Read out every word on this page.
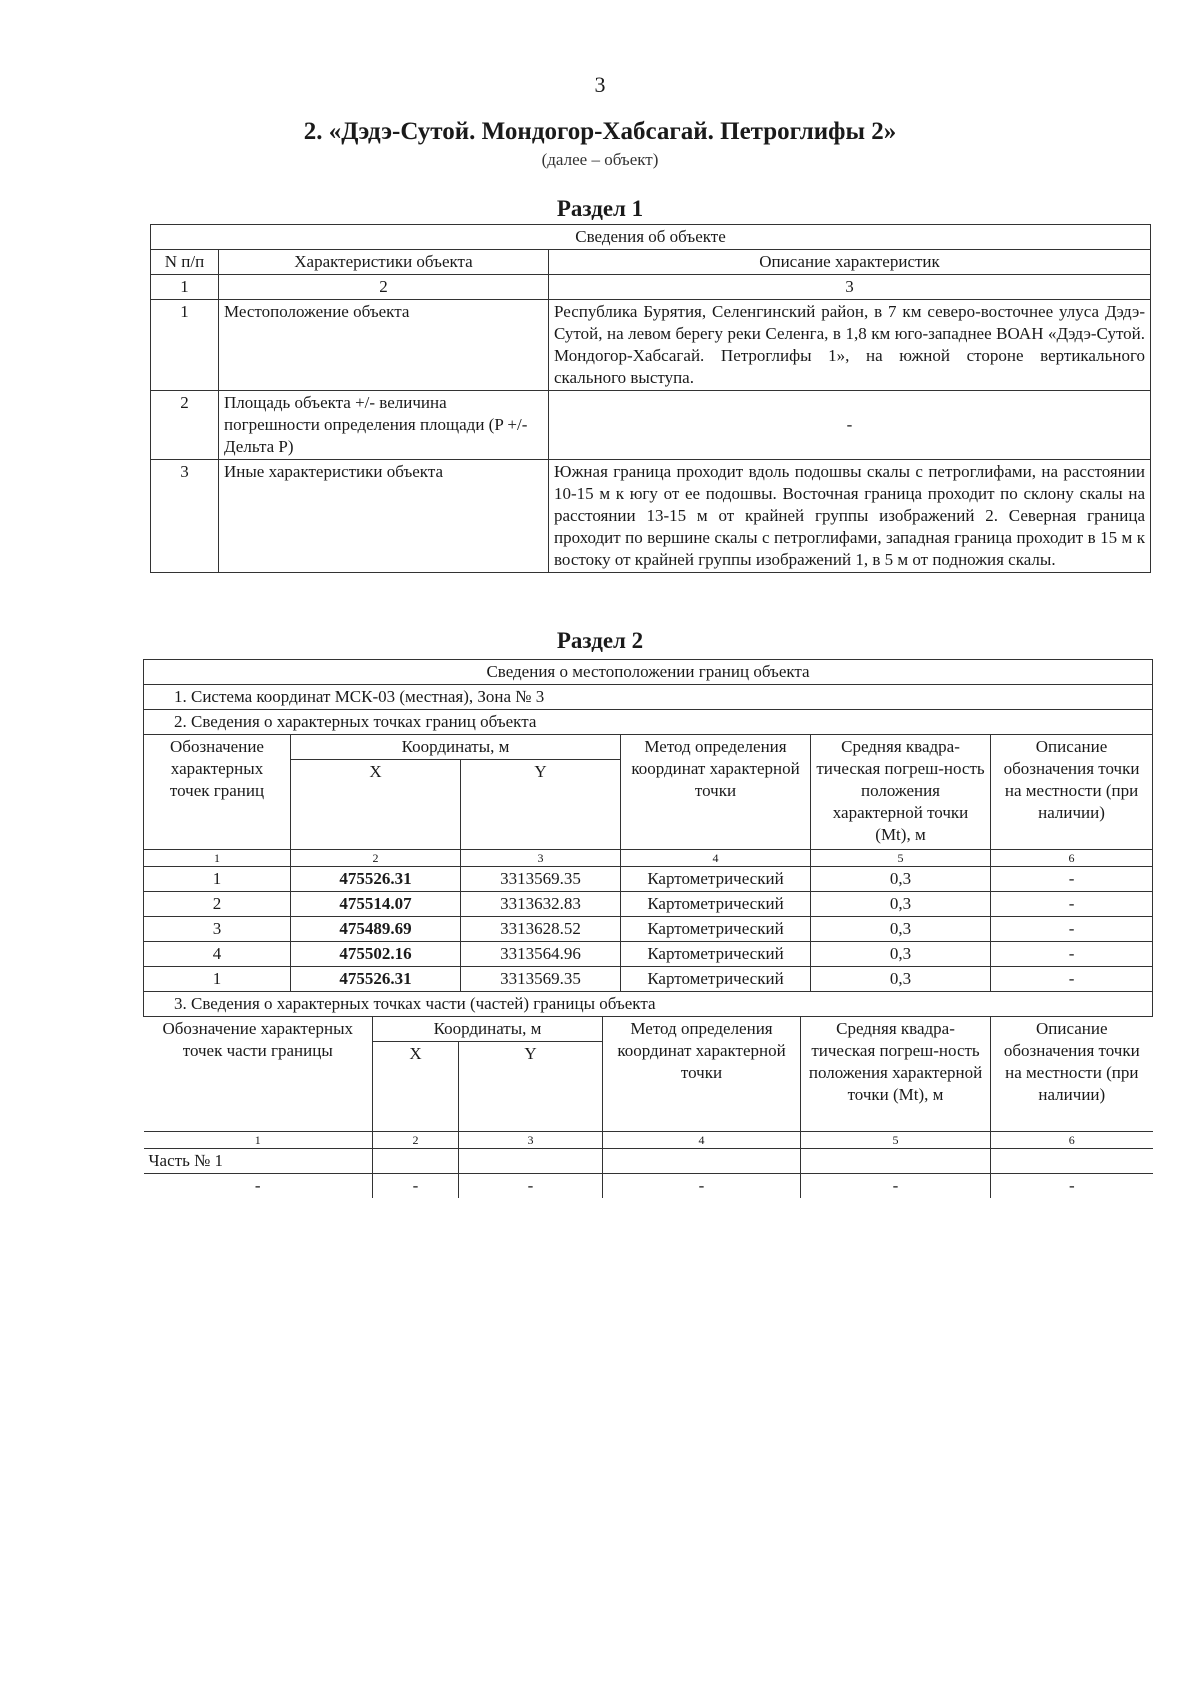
3
2. «Дэдэ-Сутой. Мондогор-Хабсагай. Петроглифы 2»
(далее – объект)
Раздел 1
Сведения об объекте		
N п/п	Характеристики объекта	Описание характеристик
1	2	3
1	Местоположение объекта	Республика Бурятия, Селенгинский район, в 7 км северо-восточнее улуса Дэдэ-Сутой, на левом берегу реки Селенга, в 1,8 км юго-западнее ВОАН «Дэдэ-Сутой. Мондогор-Хабсагай. Петроглифы 1», на южной стороне вертикального скального выступа.
2	Площадь объекта +/- величина погрешности определения площади (P +/- Дельта P)	-
3	Иные характеристики объекта	Южная граница проходит вдоль подошвы скалы с петроглифами, на расстоянии 10-15 м к югу от ее подошвы. Восточная граница проходит по склону скалы на расстоянии 13-15 м от крайней группы изображений 2. Северная граница проходит по вершине скалы с петроглифами, западная граница проходит в 15 м к востоку от крайней группы изображений 1, в 5 м от подножия скалы.
Раздел 2
Сведения о местоположении границ объекта
1. Система координат МСК-03 (местная), Зона № 3
2. Сведения о характерных точках границ объекта
Обозначение характерных точек границ	Координаты, м	Метод определения координат характерной точки	Средняя квадра-тическая погреш-ность положения характерной точки (Mt), м	Описание обозначения точки на местности (при наличии)
X	Y
1	2	3	4	5	6
1	475526.31	3313569.35	Картометрический	0,3	-
2	475514.07	3313632.83	Картометрический	0,3	-
3	475489.69	3313628.52	Картометрический	0,3	-
4	475502.16	3313564.96	Картометрический	0,3	-
1	475526.31	3313569.35	Картометрический	0,3	-
3. Сведения о характерных точках части (частей) границы объекта

Обозначение характерных точек части границы	Координаты, м	Метод определения координат характерной точки	Средняя квадра-тическая погреш-ность положения характерной точки (Mt), м	Описание обозначения точки на местности (при наличии)
X	Y
1	2	3	4	5	6
Часть № 1					
-	-	-	-	-	-
